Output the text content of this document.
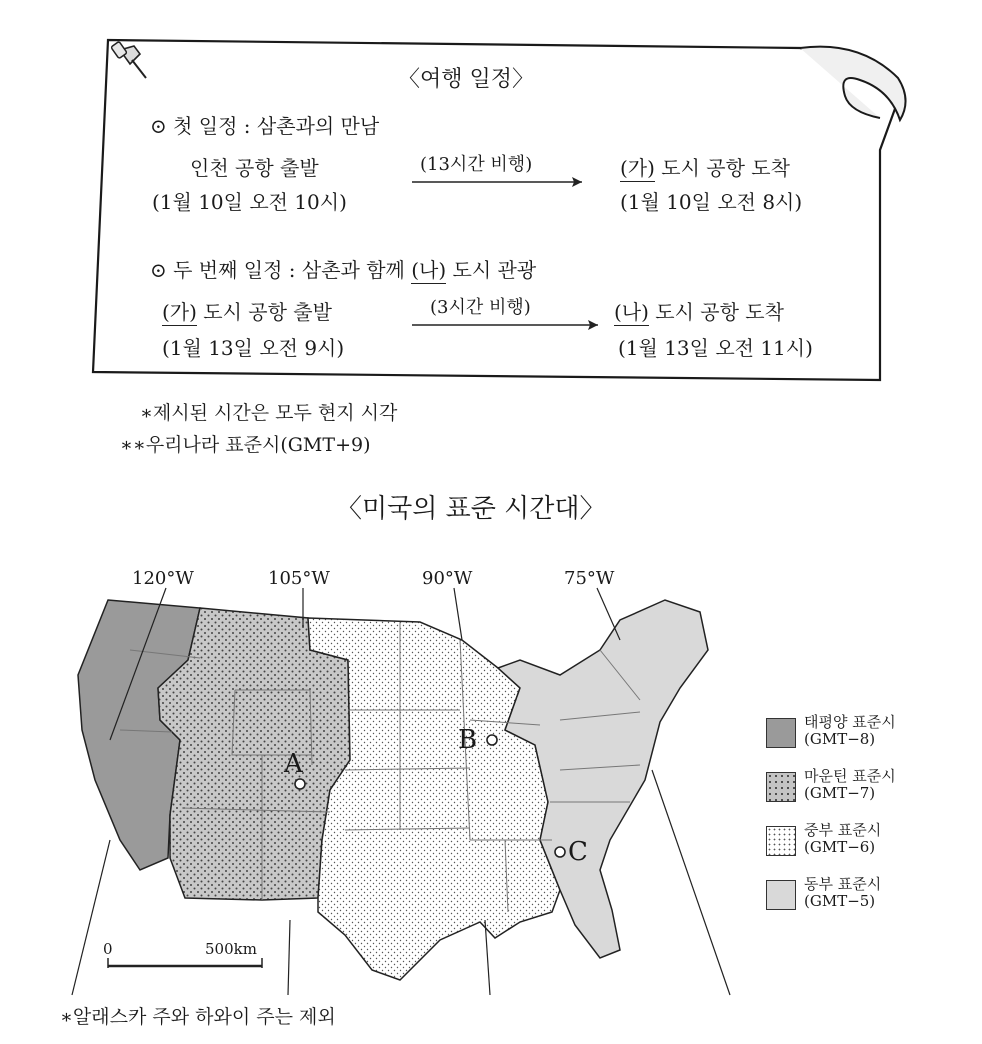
〈여행 일정〉
⊙ 첫 일정 : 삼촌과의 만남
인천 공항 출발
(1월 10일 오전 10시)
(13시간 비행)	(가) 도시 공항 도착
(1월 10일 오전 8시)
⊙ 두 번째 일정 : 삼촌과 함께 (나) 도시 관광
(가) 도시 공항 출발
(1월 13일 오전 9시)
(3시간 비행)	(나) 도시 공항 도착
(1월 13일 오전 11시)
∗제시된 시간은 모두 현지 시각
∗∗우리나라 표준시(GMT+9)
〈미국의 표준 시간대〉
120°W	105°W	90°W	75°W
A
B
C
0	500km
태평양 표준시
(GMT−8)
마운틴 표준시
(GMT−7)
중부 표준시
(GMT−6)
동부 표준시
(GMT−5)
∗알래스카 주와 하와이 주는 제외
